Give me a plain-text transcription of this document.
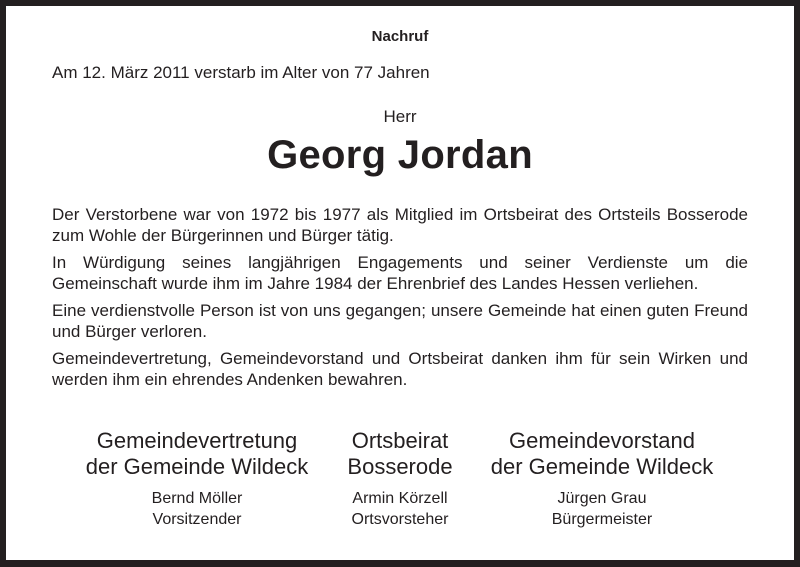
Nachruf
Am 12. März 2011 verstarb im Alter von 77 Jahren
Herr
Georg Jordan

Der Verstorbene war von 1972 bis 1977 als Mitglied im Ortsbeirat des Ortsteils Bosserode zum Wohle der Bürgerinnen und Bürger tätig.

In Würdigung seines langjährigen Engagements und seiner Verdienste um die Gemeinschaft wurde ihm im Jahre 1984 der Ehrenbrief des Landes Hessen verliehen.

Eine verdienstvolle Person ist von uns gegangen; unsere Gemeinde hat einen guten Freund und Bürger verloren.

Gemeindevertretung, Gemeindevorstand und Ortsbeirat danken ihm für sein Wirken und werden ihm ein ehrendes Andenken bewahren.

Gemeindevertretung
der Gemeinde Wildeck
Bernd Möller
Vorsitzender
Ortsbeirat
Bosserode
Armin Körzell
Ortsvorsteher
Gemeindevorstand
der Gemeinde Wildeck
Jürgen Grau
Bürgermeister
